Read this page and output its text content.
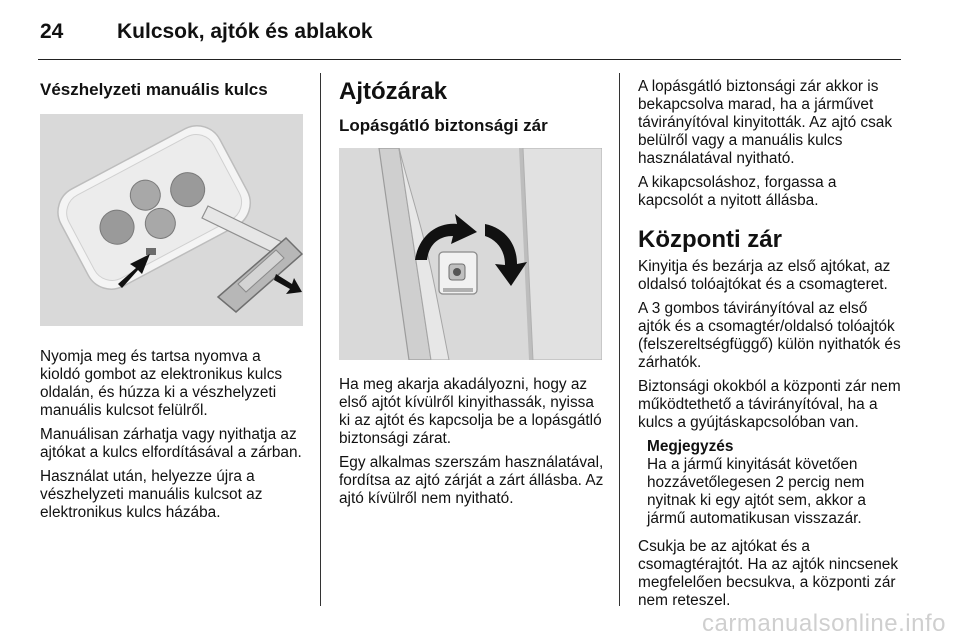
24	Kulcsok, ajtók és ablakok
Vészhelyzeti manuális kulcs

Nyomja meg és tartsa nyomva a kioldó gombot az elektronikus kulcs oldalán, és húzza ki a vészhelyzeti manuális kulcsot felülről.

Manuálisan zárhatja vagy nyithatja az ajtókat a kulcs elfordításával a zárban.

Használat után, helyezze újra a vészhelyzeti manuális kulcsot az elektronikus kulcs házába.

Ajtózárak
Lopásgátló biztonsági zár

Ha meg akarja akadályozni, hogy az első ajtót kívülről kinyithassák, nyissa ki az ajtót és kapcsolja be a lopásgátló biztonsági zárat.

Egy alkalmas szerszám használatával, fordítsa az ajtó zárját a zárt állásba. Az ajtó kívülről nem nyitható.

A lopásgátló biztonsági zár akkor is bekapcsolva marad, ha a járművet távirányítóval kinyitották. Az ajtó csak belülről vagy a manuális kulcs használatával nyitható.

A kikapcsoláshoz, forgassa a kapcsolót a nyitott állásba.

Központi zár

Kinyitja és bezárja az első ajtókat, az oldalsó tolóajtókat és a csomagteret.

A 3 gombos távirányítóval az első ajtók és a csomagtér/oldalsó tolóajtók (felszereltségfüggő) külön nyithatók és zárhatók.

Biztonsági okokból a központi zár nem működtethető a távirányítóval, ha a kulcs a gyújtáskapcsolóban van.

Megjegyzés
Ha a jármű kinyitását követően hozzávetőlegesen 2 percig nem nyitnak ki egy ajtót sem, akkor a jármű automatikusan visszazár.

Csukja be az ajtókat és a csomagtérajtót. Ha az ajtók nincsenek megfelelően becsukva, a központi zár nem reteszel.

carmanualsonline.info
